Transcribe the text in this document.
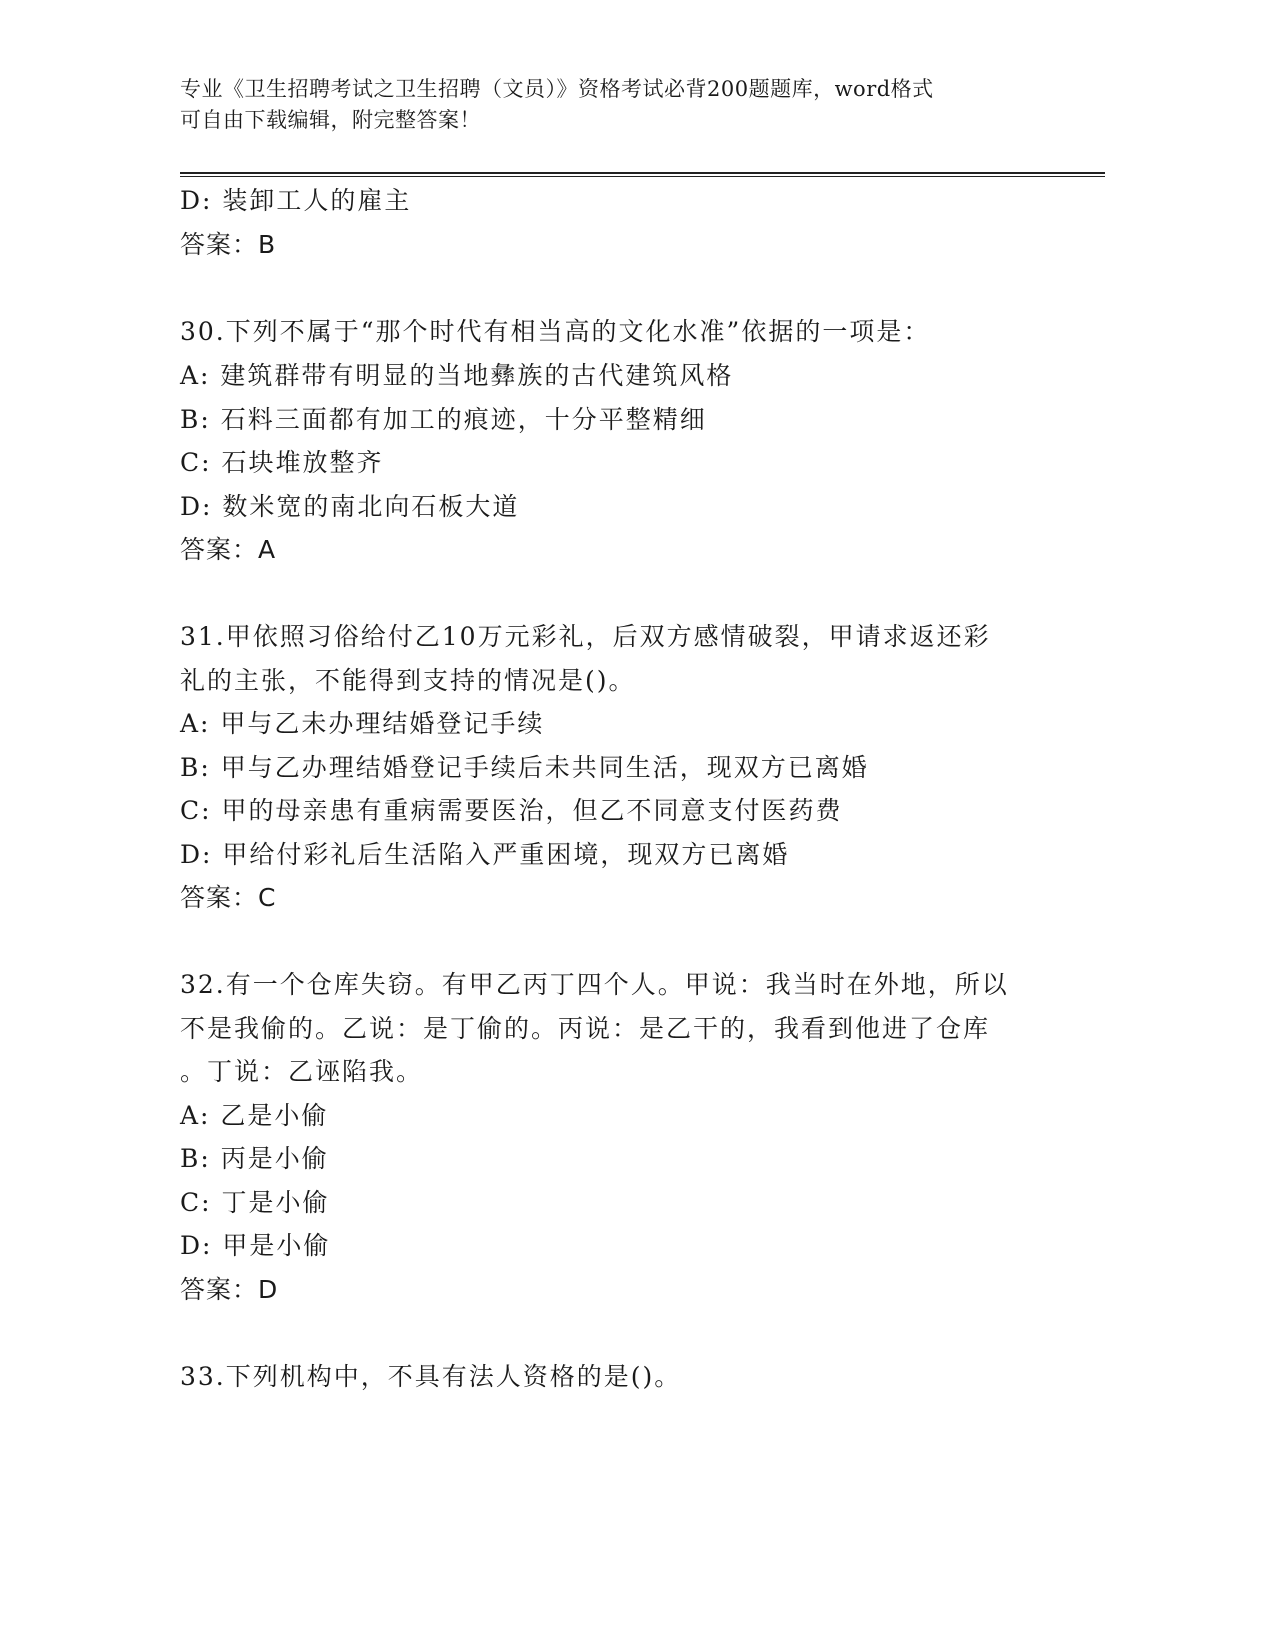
专业《卫生招聘考试之卫生招聘（文员）》资格考试必背200题题库，word格式
可自由下载编辑，附完整答案！
D: 装卸工人的雇主
答案：B
30.下列不属于“那个时代有相当高的文化水准”依据的一项是：
A: 建筑群带有明显的当地彝族的古代建筑风格
B: 石料三面都有加工的痕迹，十分平整精细
C: 石块堆放整齐
D: 数米宽的南北向石板大道
答案：A
31.甲依照习俗给付乙10万元彩礼，后双方感情破裂，甲请求返还彩
礼的主张，不能得到支持的情况是()。
A: 甲与乙未办理结婚登记手续
B: 甲与乙办理结婚登记手续后未共同生活，现双方已离婚
C: 甲的母亲患有重病需要医治，但乙不同意支付医药费
D: 甲给付彩礼后生活陷入严重困境，现双方已离婚
答案：C
32.有一个仓库失窃。有甲乙丙丁四个人。甲说：我当时在外地，所以
不是我偷的。乙说：是丁偷的。丙说：是乙干的，我看到他进了仓库
。丁说：乙诬陷我。
A: 乙是小偷
B: 丙是小偷
C: 丁是小偷
D: 甲是小偷
答案：D
33.下列机构中，不具有法人资格的是()。
